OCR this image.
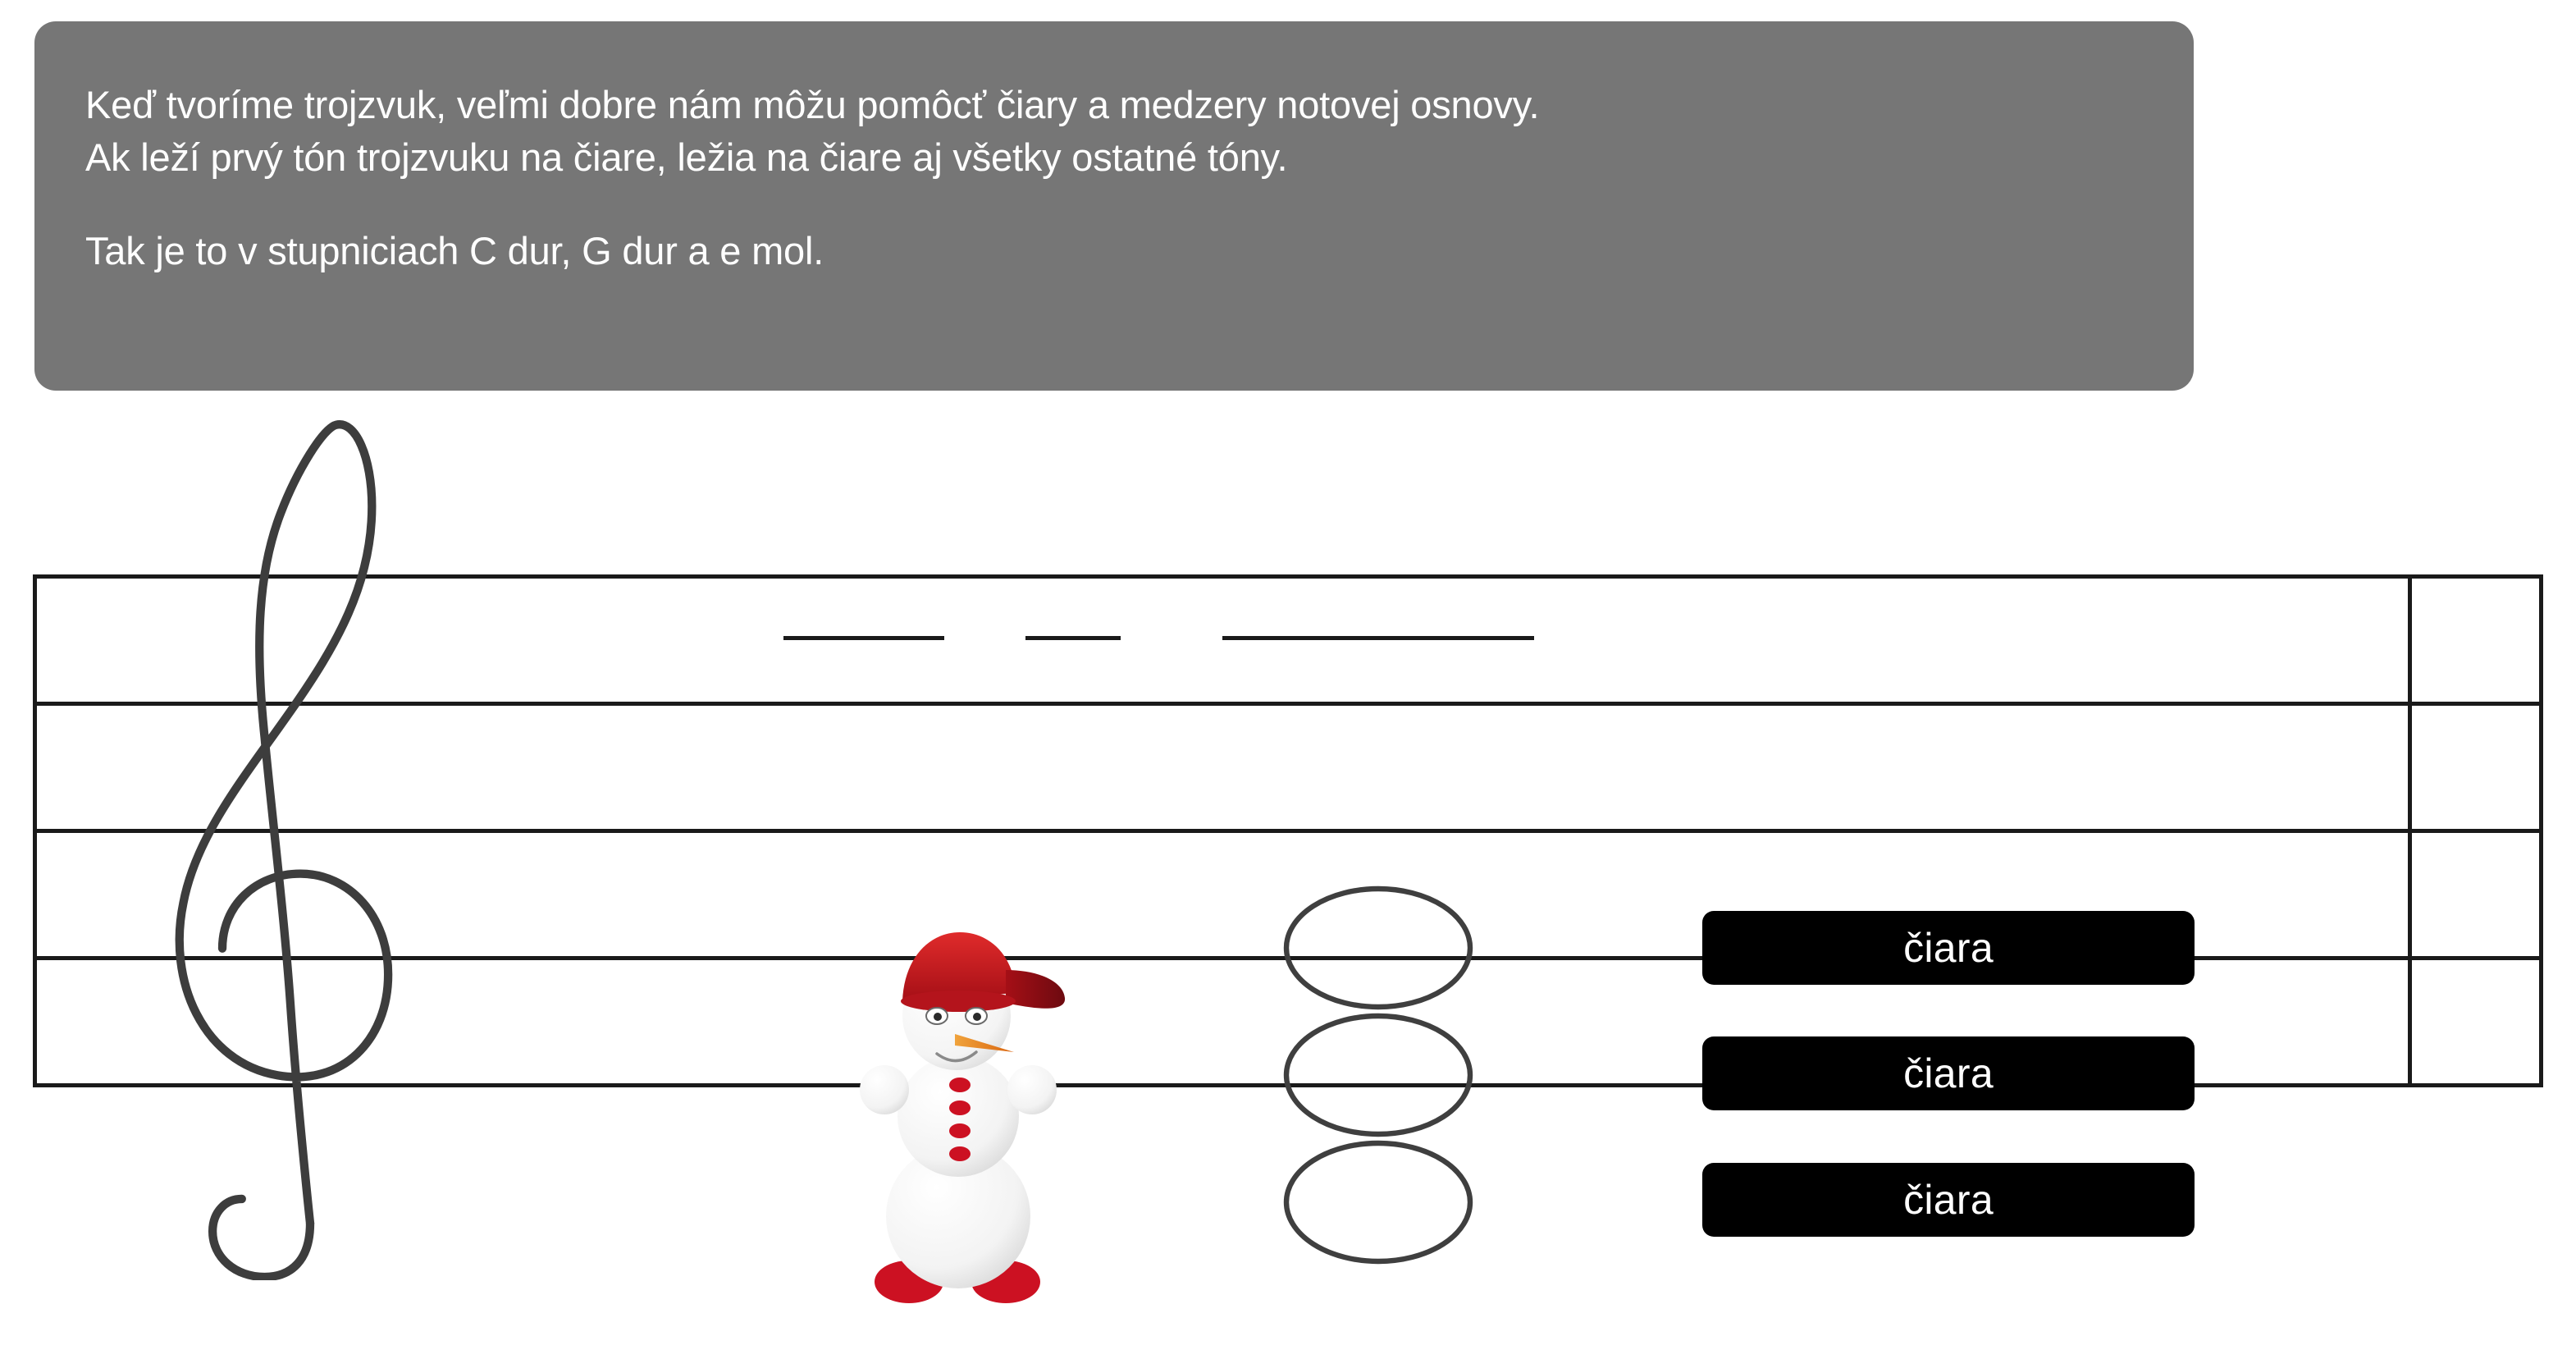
Keď tvoríme trojzvuk, veľmi dobre nám môžu pomôcť čiary a medzery notovej osnovy.
Ak leží prvý tón trojzvuku na čiare, ležia na čiare aj všetky ostatné tóny.
Tak je to v stupniciach C dur, G dur a e mol.
čiara
čiara
čiara
